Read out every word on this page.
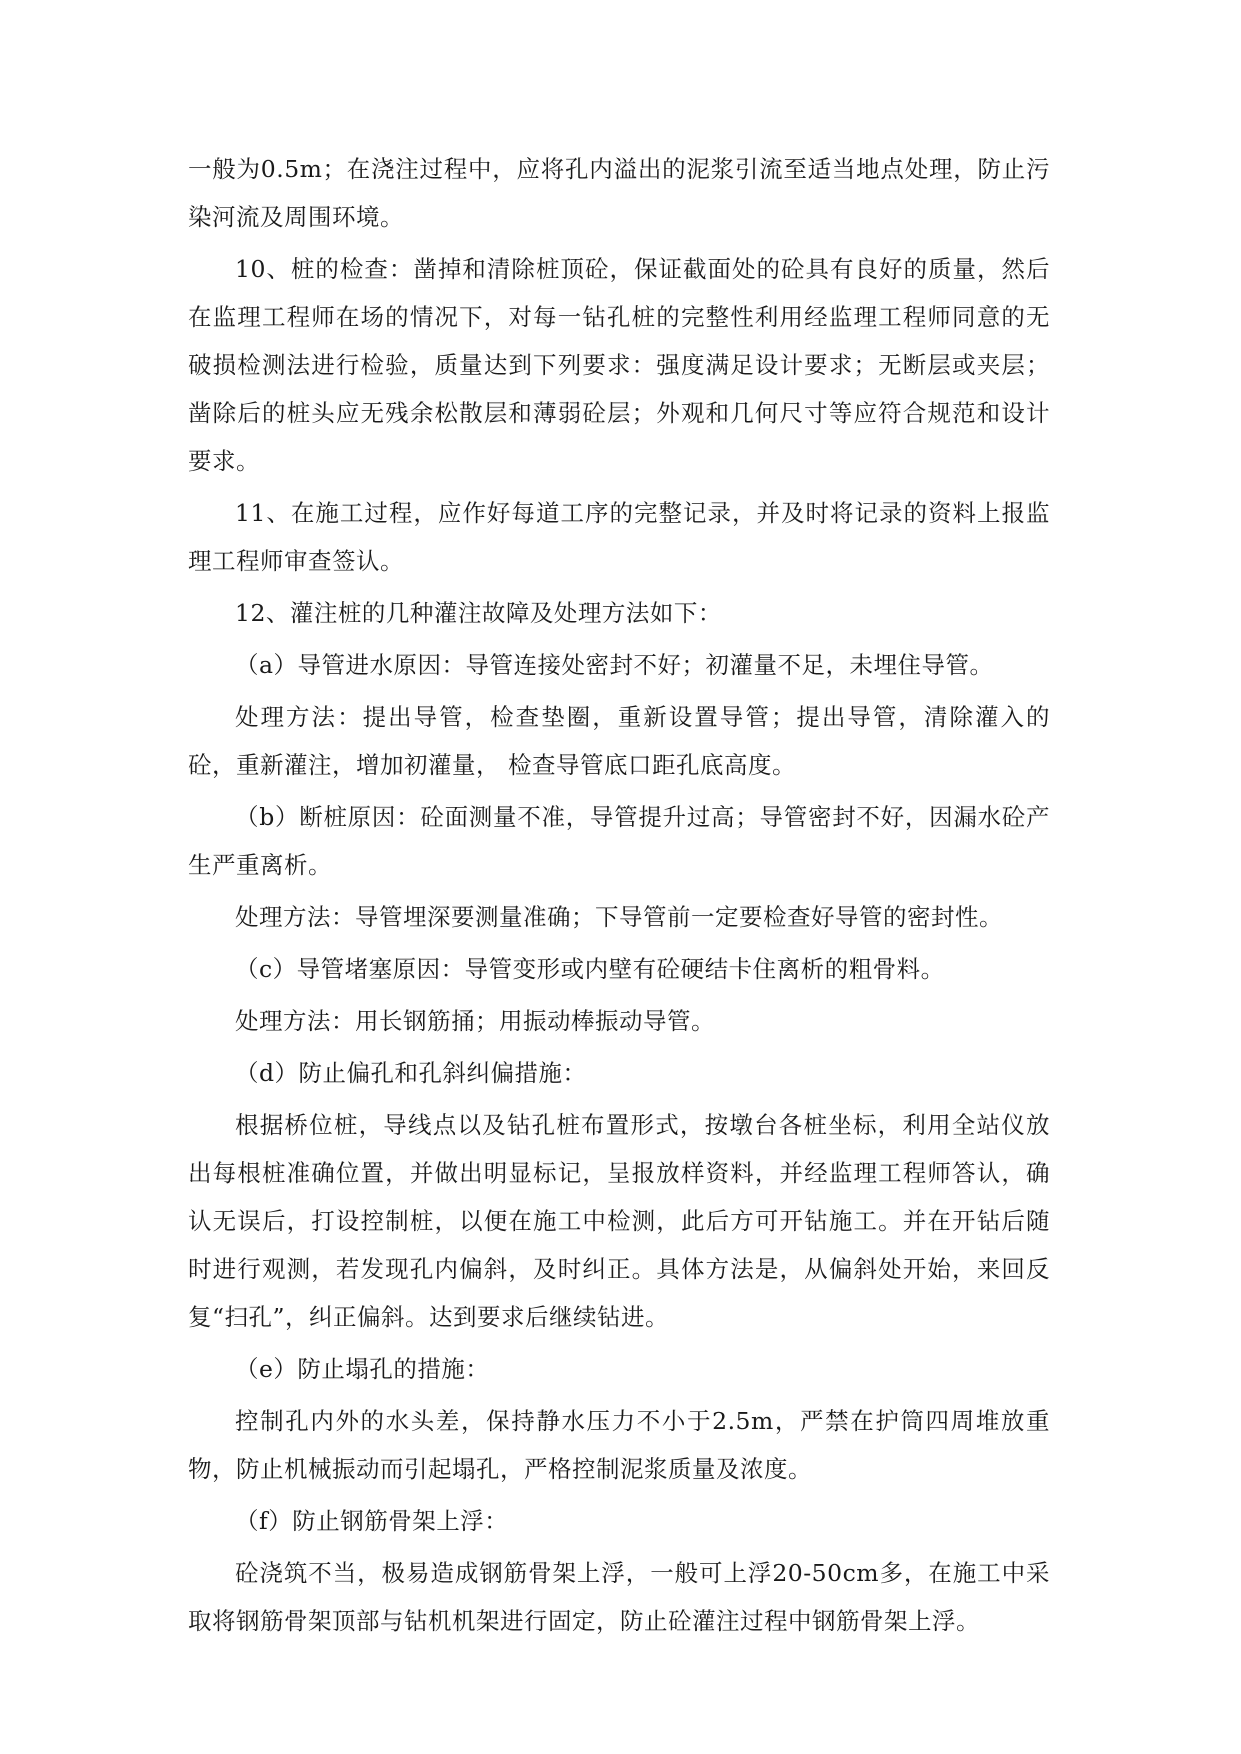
一般为0.5m；在浇注过程中，应将孔内溢出的泥浆引流至适当地点处理，防止污染河流及周围环境。

10、桩的检查：凿掉和清除桩顶砼，保证截面处的砼具有良好的质量，然后在监理工程师在场的情况下，对每一钻孔桩的完整性利用经监理工程师同意的无破损检测法进行检验，质量达到下列要求：强度满足设计要求；无断层或夹层；凿除后的桩头应无残余松散层和薄弱砼层；外观和几何尺寸等应符合规范和设计要求。

11、在施工过程，应作好每道工序的完整记录，并及时将记录的资料上报监理工程师审查签认。

12、灌注桩的几种灌注故障及处理方法如下：

（a）导管进水原因：导管连接处密封不好；初灌量不足，未埋住导管。

处理方法：提出导管，检查垫圈，重新设置导管；提出导管，清除灌入的砼，重新灌注，增加初灌量， 检查导管底口距孔底高度。

（b）断桩原因：砼面测量不准，导管提升过高；导管密封不好，因漏水砼产生严重离析。

处理方法：导管埋深要测量准确；下导管前一定要检查好导管的密封性。

（c）导管堵塞原因：导管变形或内壁有砼硬结卡住离析的粗骨料。

处理方法：用长钢筋捅；用振动棒振动导管。

（d）防止偏孔和孔斜纠偏措施：

根据桥位桩，导线点以及钻孔桩布置形式，按墩台各桩坐标，利用全站仪放出每根桩准确位置，并做出明显标记，呈报放样资料，并经监理工程师答认，确认无误后，打设控制桩，以便在施工中检测，此后方可开钻施工。并在开钻后随时进行观测，若发现孔内偏斜，及时纠正。具体方法是，从偏斜处开始，来回反复“扫孔”，纠正偏斜。达到要求后继续钻进。

（e）防止塌孔的措施：

控制孔内外的水头差，保持静水压力不小于2.5m，严禁在护筒四周堆放重物，防止机械振动而引起塌孔，严格控制泥浆质量及浓度。

（f）防止钢筋骨架上浮：

砼浇筑不当，极易造成钢筋骨架上浮，一般可上浮20-50cm多，在施工中采取将钢筋骨架顶部与钻机机架进行固定，防止砼灌注过程中钢筋骨架上浮。
